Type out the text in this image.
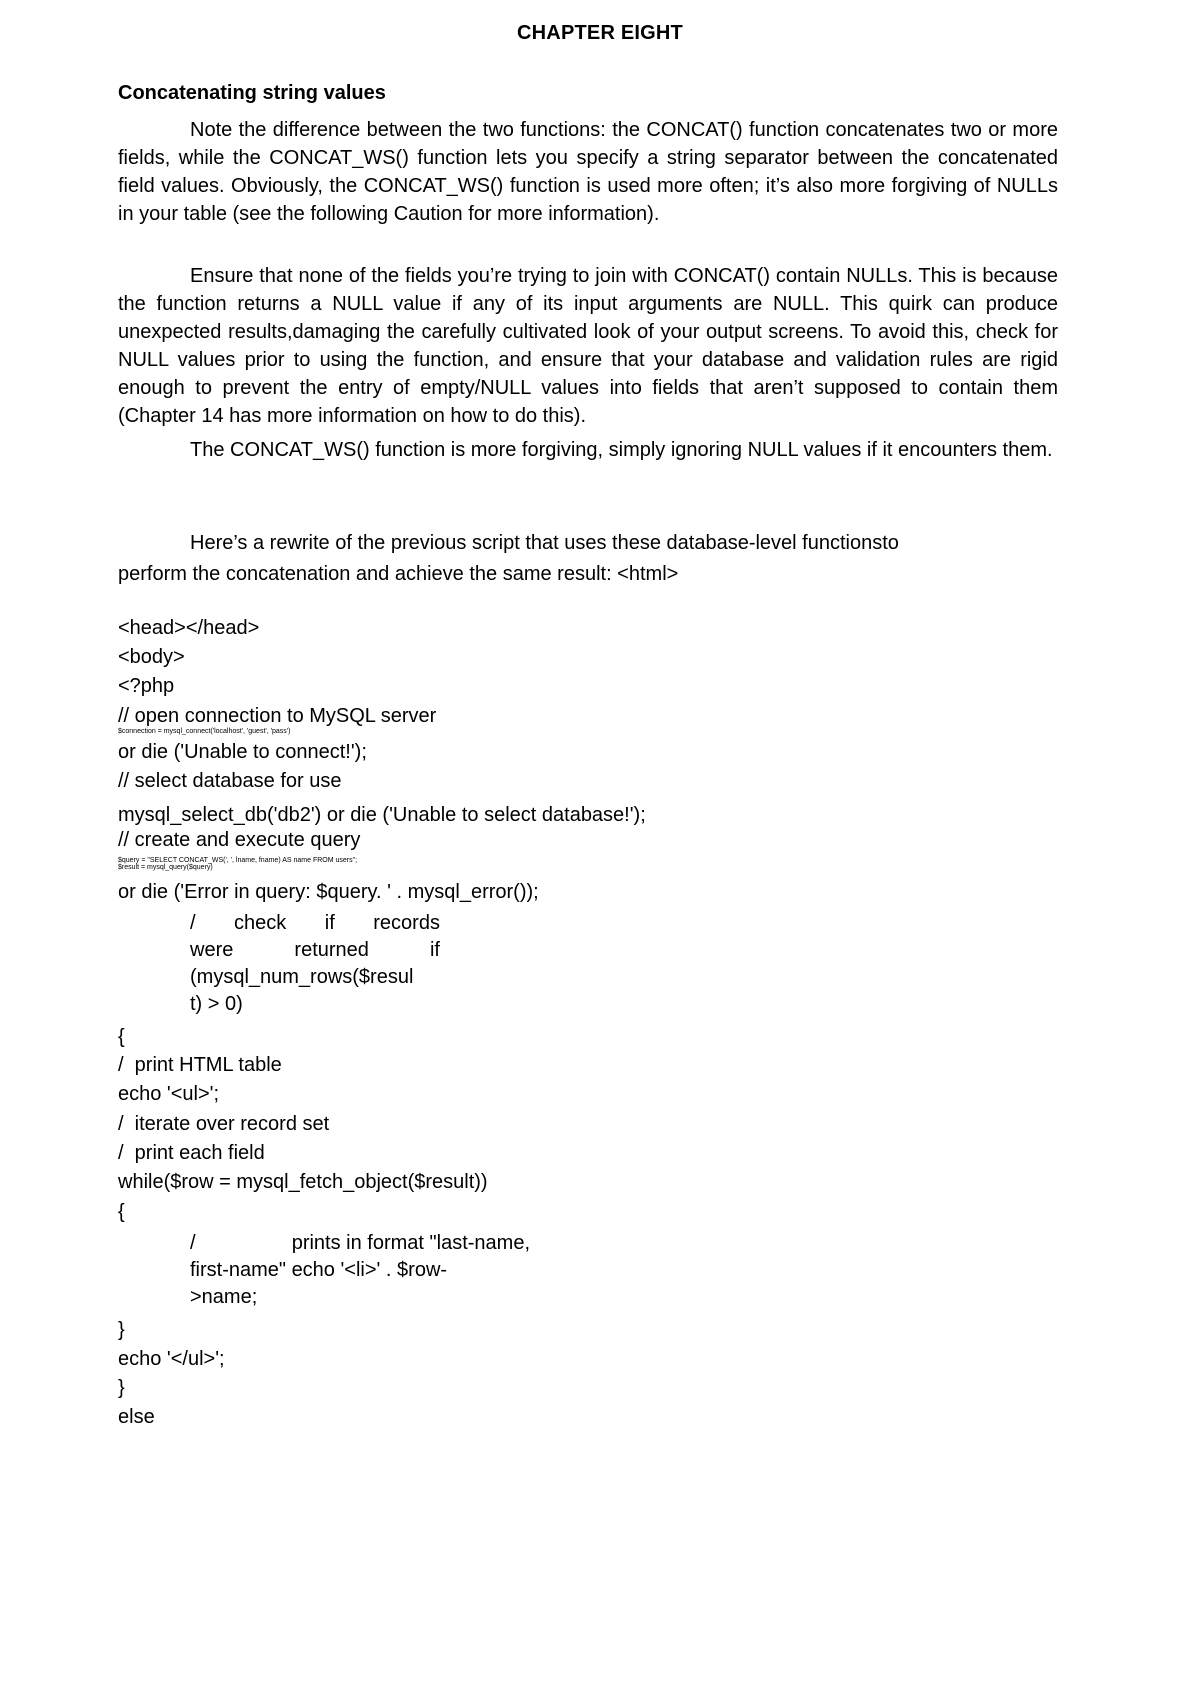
CHAPTER EIGHT
Concatenating string values

Note the difference between the two functions: the CONCAT() function concatenates two or more fields, while the CONCAT_WS() function lets you specify a string separator between the concatenated field values. Obviously, the CONCAT_WS() function is used more often; it’s also more forgiving of NULLs in your table (see the following Caution for more information).

Ensure that none of the fields you’re trying to join with CONCAT() contain NULLs. This is because the function returns a NULL value if any of its input arguments are NULL. This quirk can produce unexpected results,damaging the carefully cultivated look of your output screens. To avoid this, check for NULL values prior to using the function, and ensure that your database and validation rules are rigid enough to prevent the entry of empty/NULL values into fields that aren’t supposed to contain them (Chapter 14 has more information on how to do this).

The CONCAT_WS() function is more forgiving, simply ignoring NULL values if it encounters them.

Here’s a rewrite of the previous script that uses these database-level functionsto
perform the concatenation and achieve the same result: <html>
<head></head>
<body>
<?php
// open connection to MySQL server
$connection = mysql_connect('localhost', 'guest', 'pass')
or die ('Unable to connect!');
// select database for use
mysql_select_db('db2') or die ('Unable to select database!');
// create and execute query
$query = "SELECT CONCAT_WS(', ', lname, fname) AS name FROM users";
$result = mysql_query($query)
or die ('Error in query: $query. ' . mysql_error());
/ check if records
were	returned	if
(mysql_num_rows($resul
t) > 0)
{
/  print HTML table
echo '<ul>';
/  iterate over record set
/  print each field
while($row = mysql_fetch_object($result))
{
/	prints in format "last-name,
first-name" echo '<li>' . $row-
>name;
}
echo '</ul>';
}
else
